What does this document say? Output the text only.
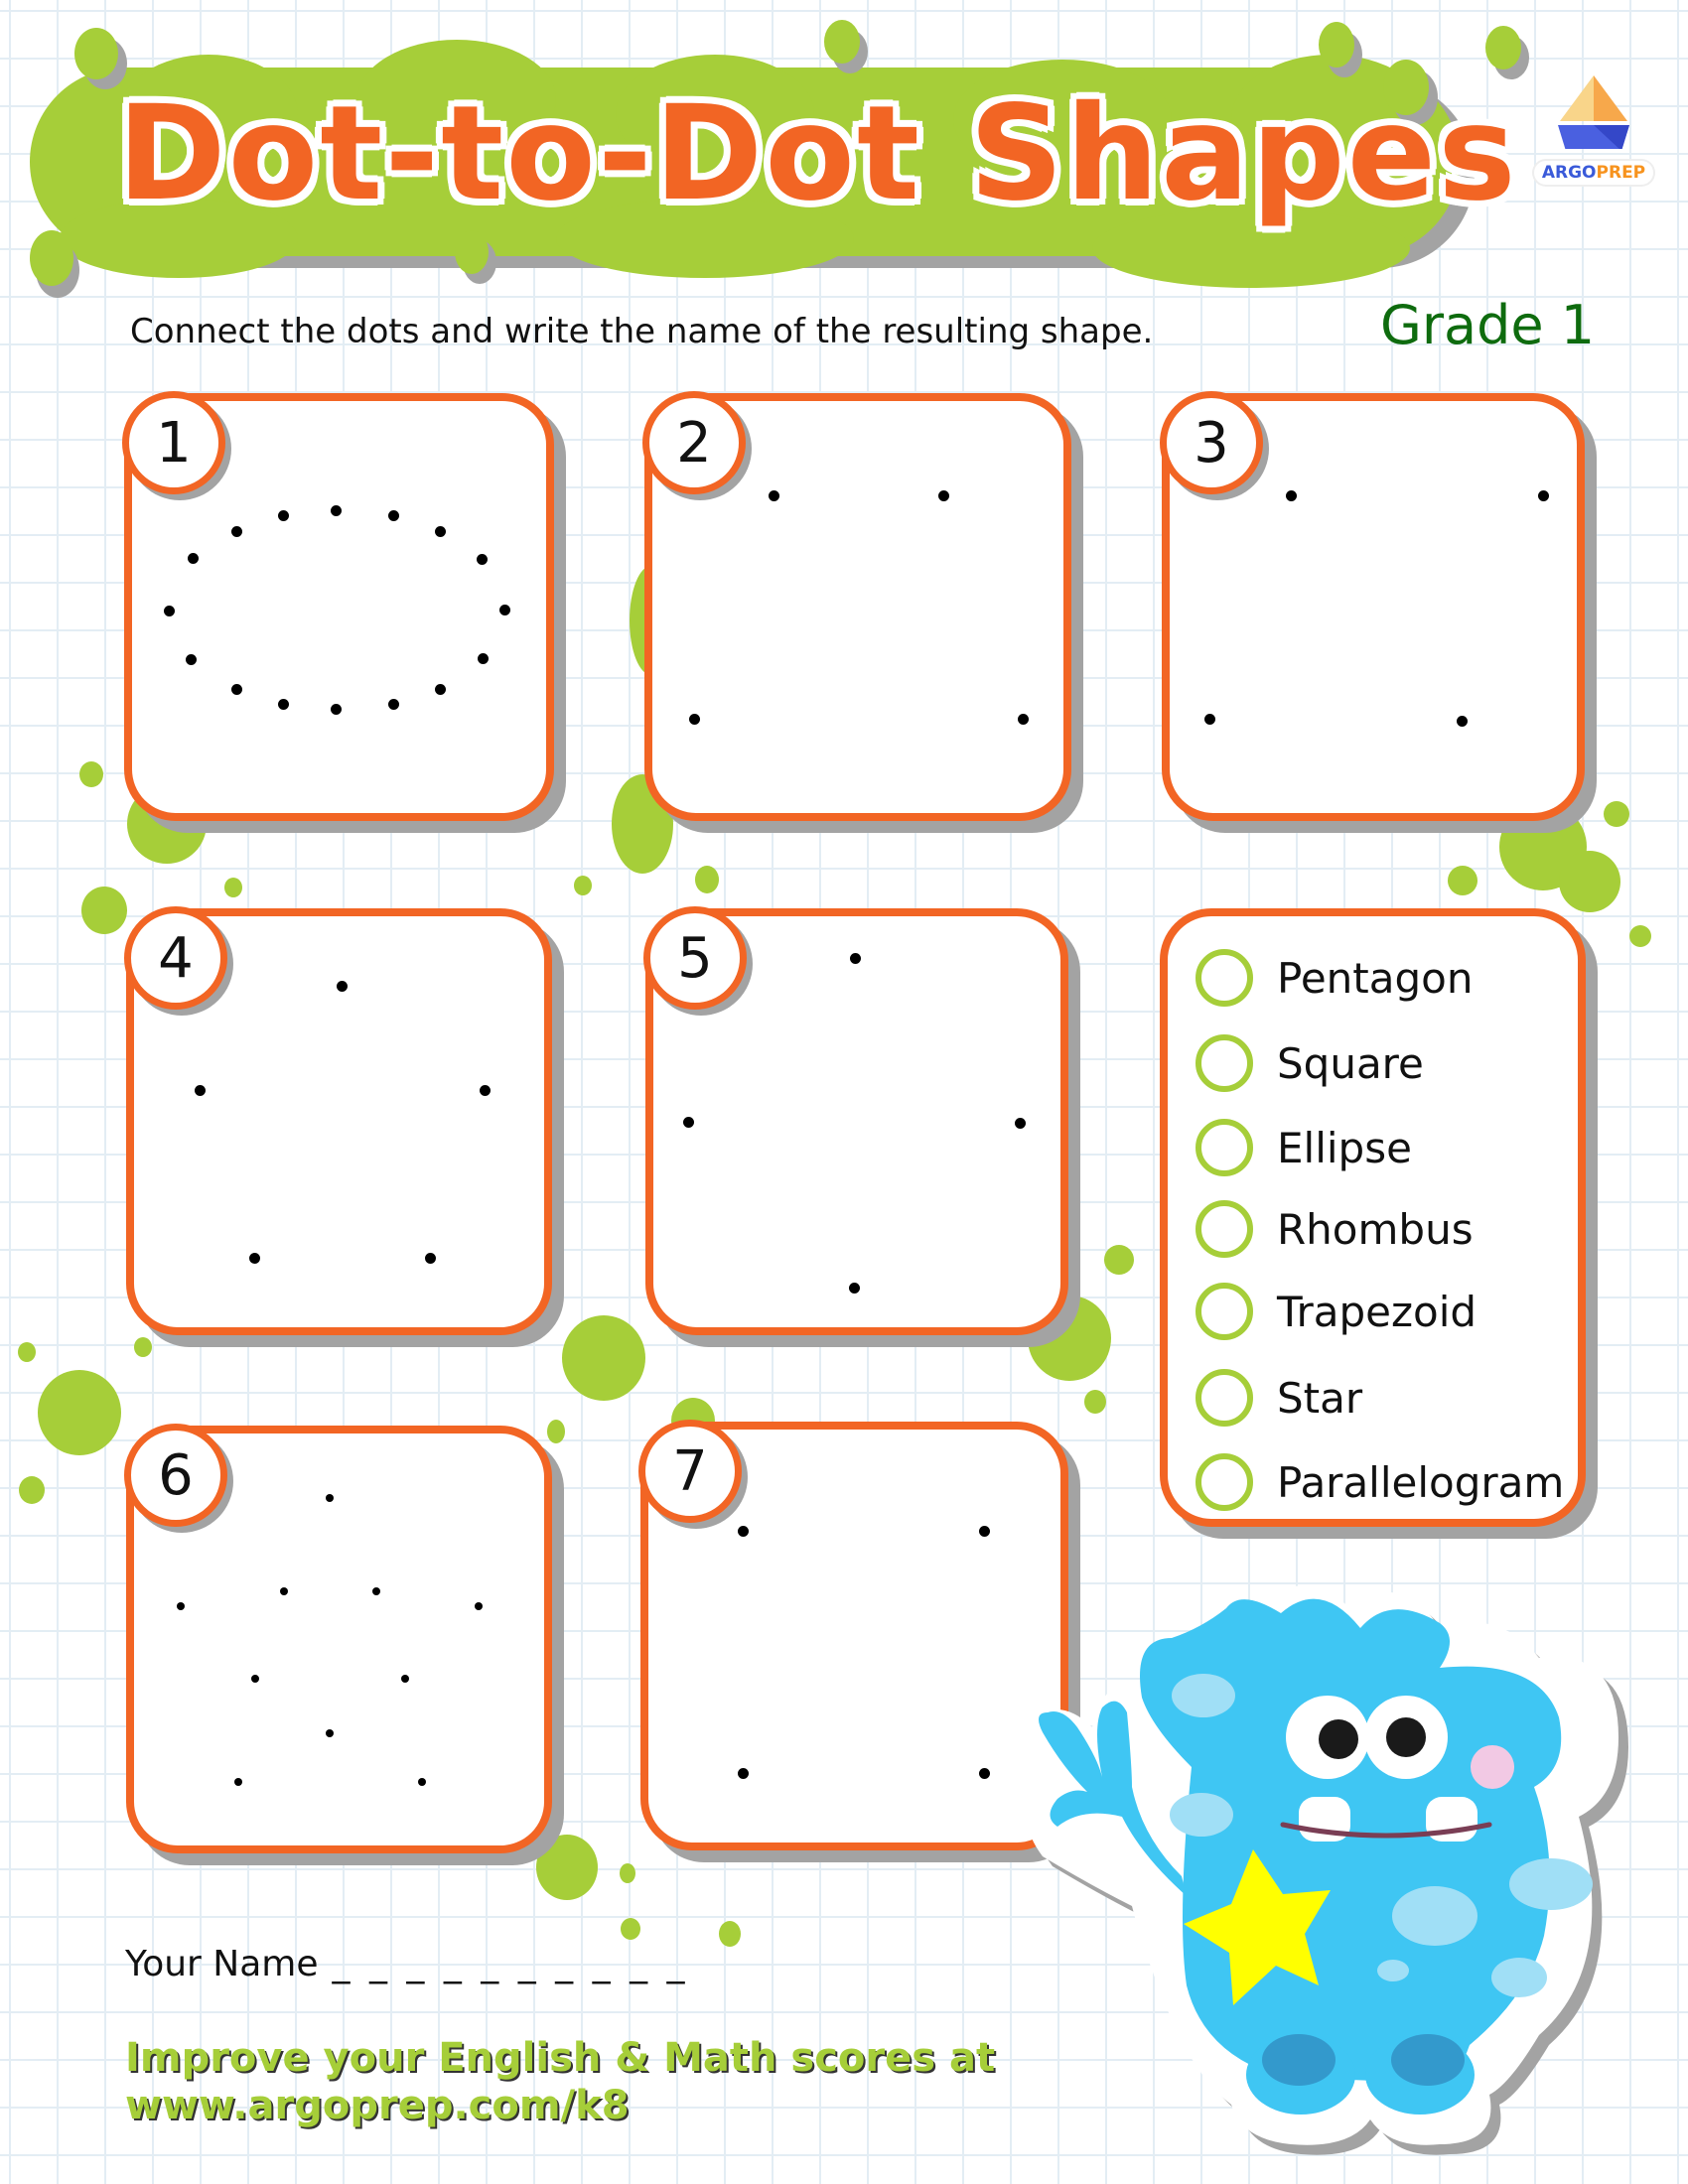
Dot-to-Dot Shapes	ARGOPREP
Connect the dots and write the name of the resulting shape.	Grade 1
1	2	3
4	5	Pentagon
Square
Ellipse
Rhombus
Trapezoid
Star
Parallelogram
6	7
Your Name _ _ _ _ _ _ _ _ _ _
Improve your English & Math scores at
www.argoprep.com/k8
